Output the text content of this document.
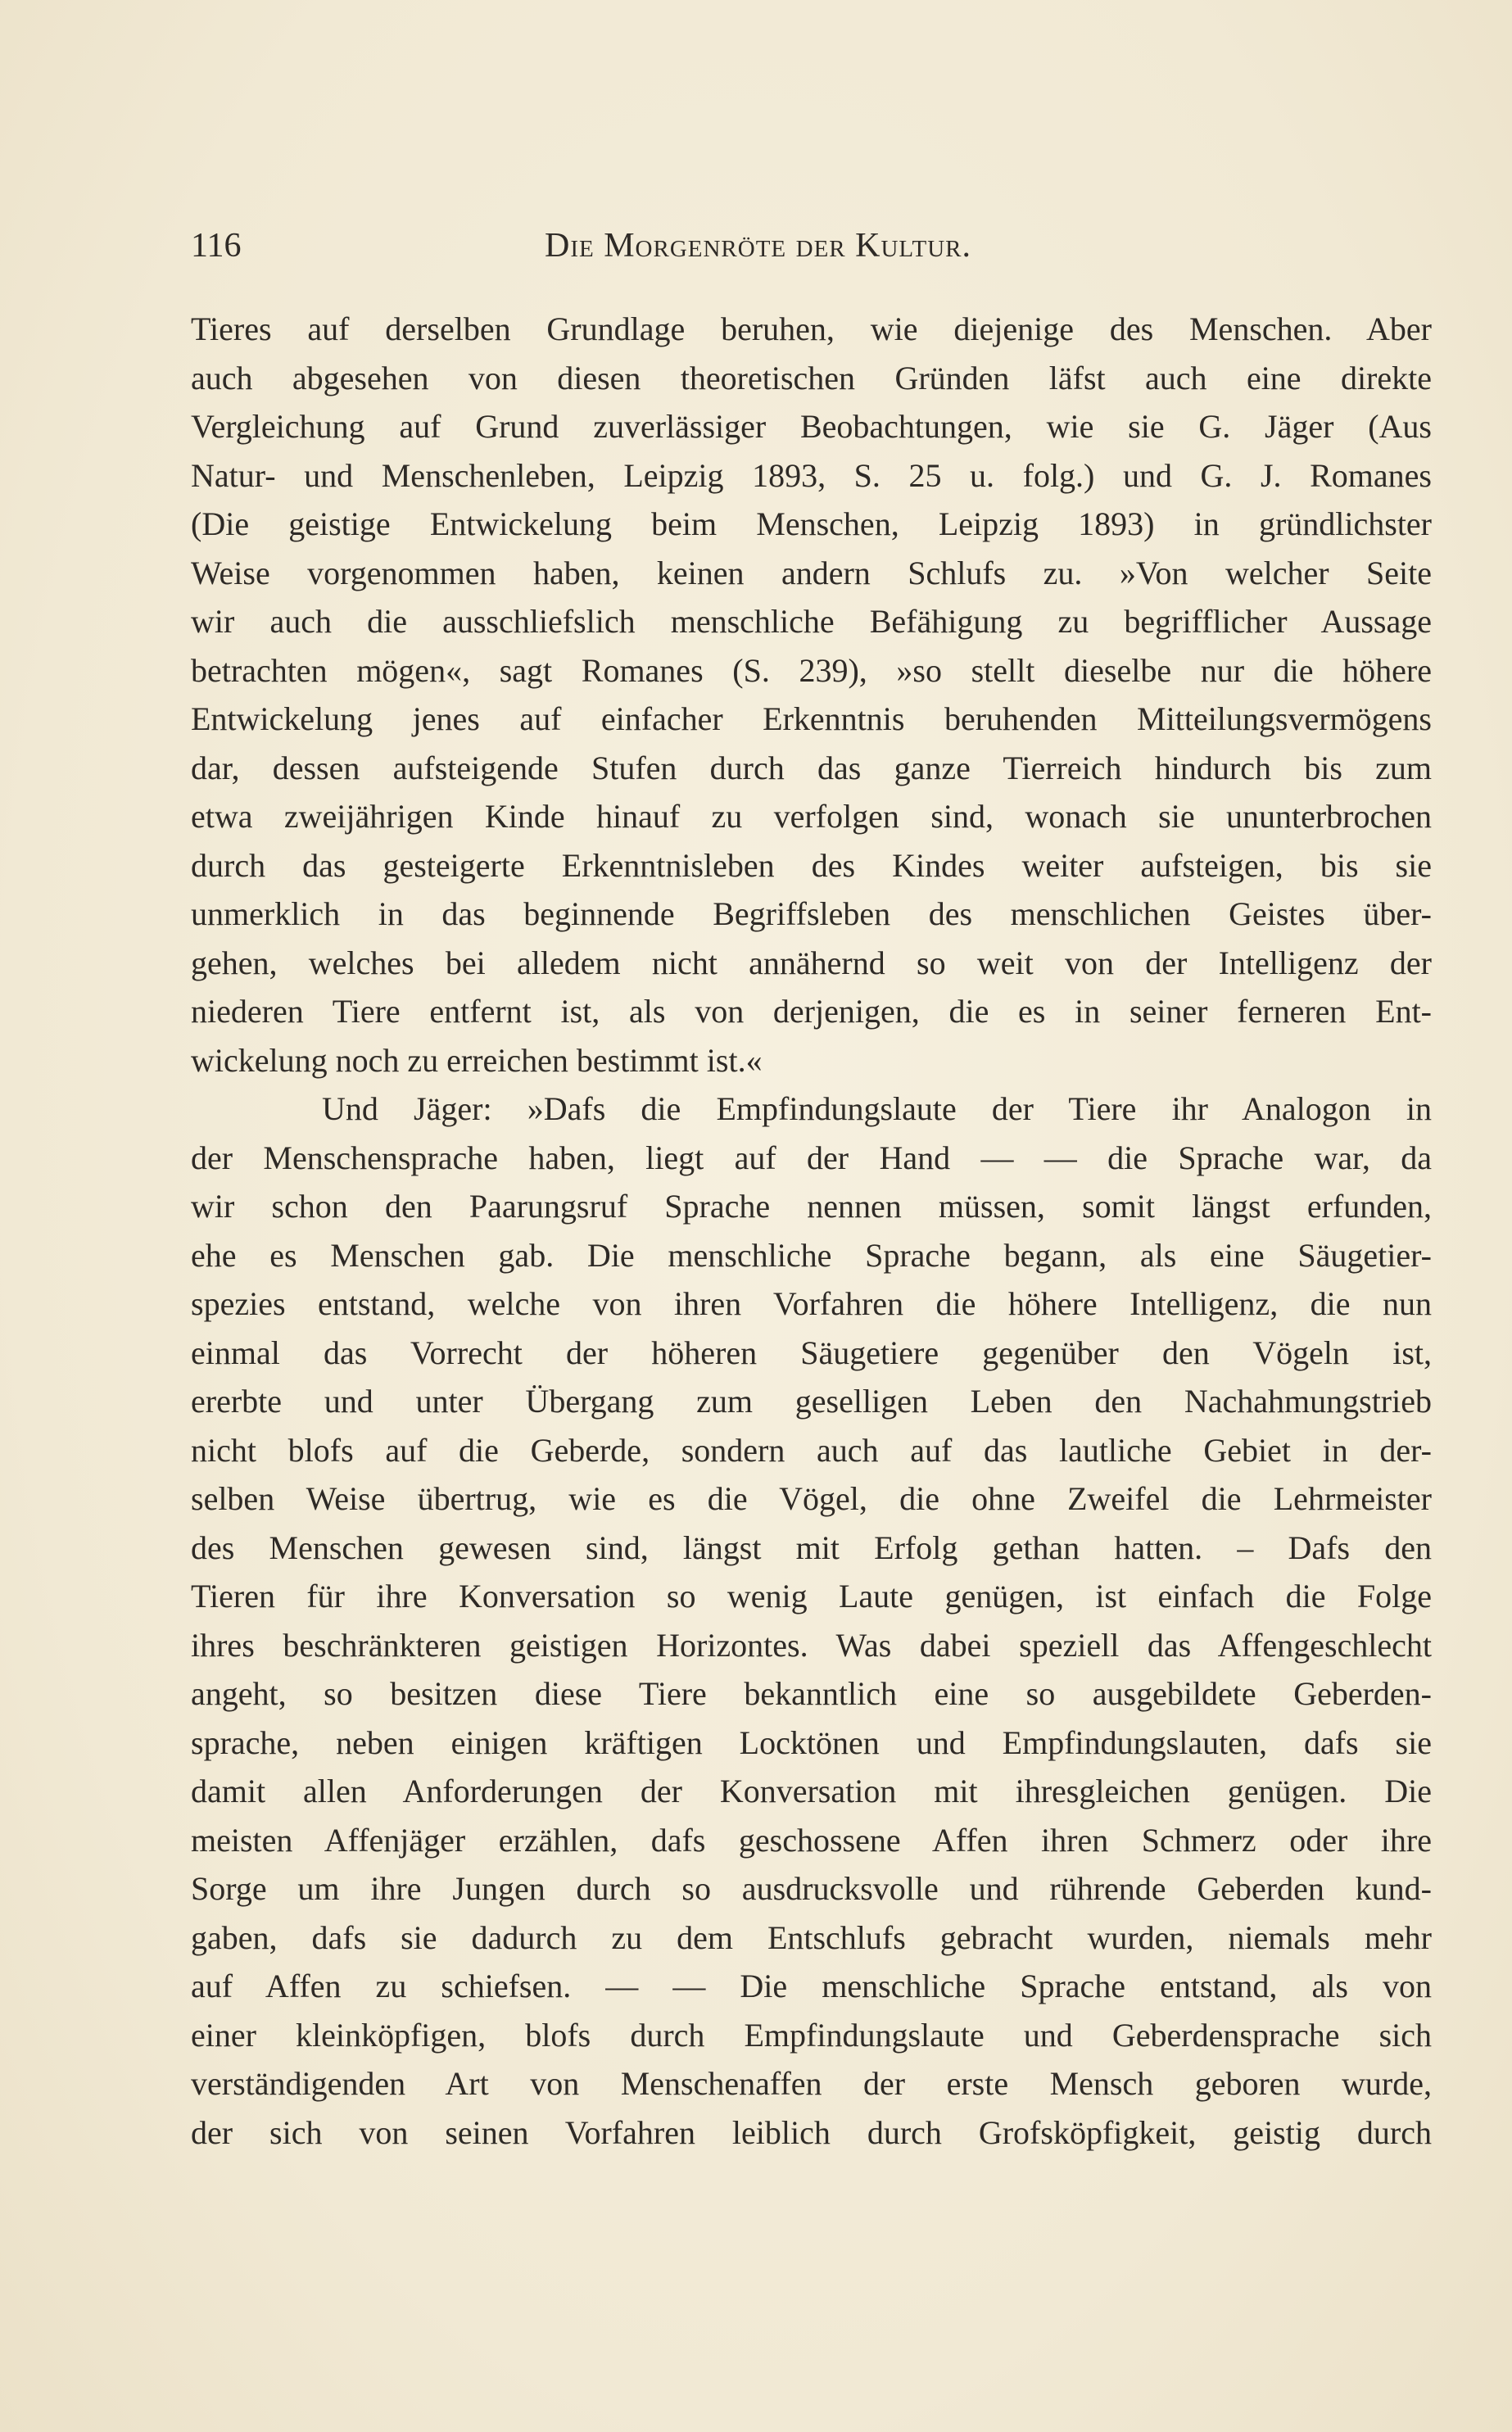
116	Die Morgenröte der Kultur.
Tieres auf derselben Grundlage beruhen, wie diejenige des Menschen. Aber
auch abgesehen von diesen theoretischen Gründen läfst auch eine direkte
Vergleichung auf Grund zuverlässiger Beobachtungen, wie sie G. Jäger (Aus
Natur- und Menschenleben, Leipzig 1893, S. 25 u. folg.) und G. J. Romanes
(Die geistige Entwickelung beim Menschen, Leipzig 1893) in gründlichster
Weise vorgenommen haben, keinen andern Schlufs zu. »Von welcher Seite
wir auch die ausschliefslich menschliche Befähigung zu begrifflicher Aussage
betrachten mögen«, sagt Romanes (S. 239), »so stellt dieselbe nur die höhere
Entwickelung jenes auf einfacher Erkenntnis beruhenden Mitteilungsvermögens
dar, dessen aufsteigende Stufen durch das ganze Tierreich hindurch bis zum
etwa zweijährigen Kinde hinauf zu verfolgen sind, wonach sie ununterbrochen
durch das gesteigerte Erkenntnisleben des Kindes weiter aufsteigen, bis sie
unmerklich in das beginnende Begriffsleben des menschlichen Geistes über-
gehen, welches bei alledem nicht annähernd so weit von der Intelligenz der
niederen Tiere entfernt ist, als von derjenigen, die es in seiner ferneren Ent-
wickelung noch zu erreichen bestimmt ist.«
Und Jäger: »Dafs die Empfindungslaute der Tiere ihr Analogon in
der Menschensprache haben, liegt auf der Hand — — die Sprache war, da
wir schon den Paarungsruf Sprache nennen müssen, somit längst erfunden,
ehe es Menschen gab. Die menschliche Sprache begann, als eine Säugetier-
spezies entstand, welche von ihren Vorfahren die höhere Intelligenz, die nun
einmal das Vorrecht der höheren Säugetiere gegenüber den Vögeln ist,
ererbte und unter Übergang zum geselligen Leben den Nachahmungstrieb
nicht blofs auf die Geberde, sondern auch auf das lautliche Gebiet in der-
selben Weise übertrug, wie es die Vögel, die ohne Zweifel die Lehrmeister
des Menschen gewesen sind, längst mit Erfolg gethan hatten. – Dafs den
Tieren für ihre Konversation so wenig Laute genügen, ist einfach die Folge
ihres beschränkteren geistigen Horizontes. Was dabei speziell das Affengeschlecht
angeht, so besitzen diese Tiere bekanntlich eine so ausgebildete Geberden-
sprache, neben einigen kräftigen Locktönen und Empfindungslauten, dafs sie
damit allen Anforderungen der Konversation mit ihresgleichen genügen. Die
meisten Affenjäger erzählen, dafs geschossene Affen ihren Schmerz oder ihre
Sorge um ihre Jungen durch so ausdrucksvolle und rührende Geberden kund-
gaben, dafs sie dadurch zu dem Entschlufs gebracht wurden, niemals mehr
auf Affen zu schiefsen. — — Die menschliche Sprache entstand, als von
einer kleinköpfigen, blofs durch Empfindungslaute und Geberdensprache sich
verständigenden Art von Menschenaffen der erste Mensch geboren wurde,
der sich von seinen Vorfahren leiblich durch Grofsköpfigkeit, geistig durch
